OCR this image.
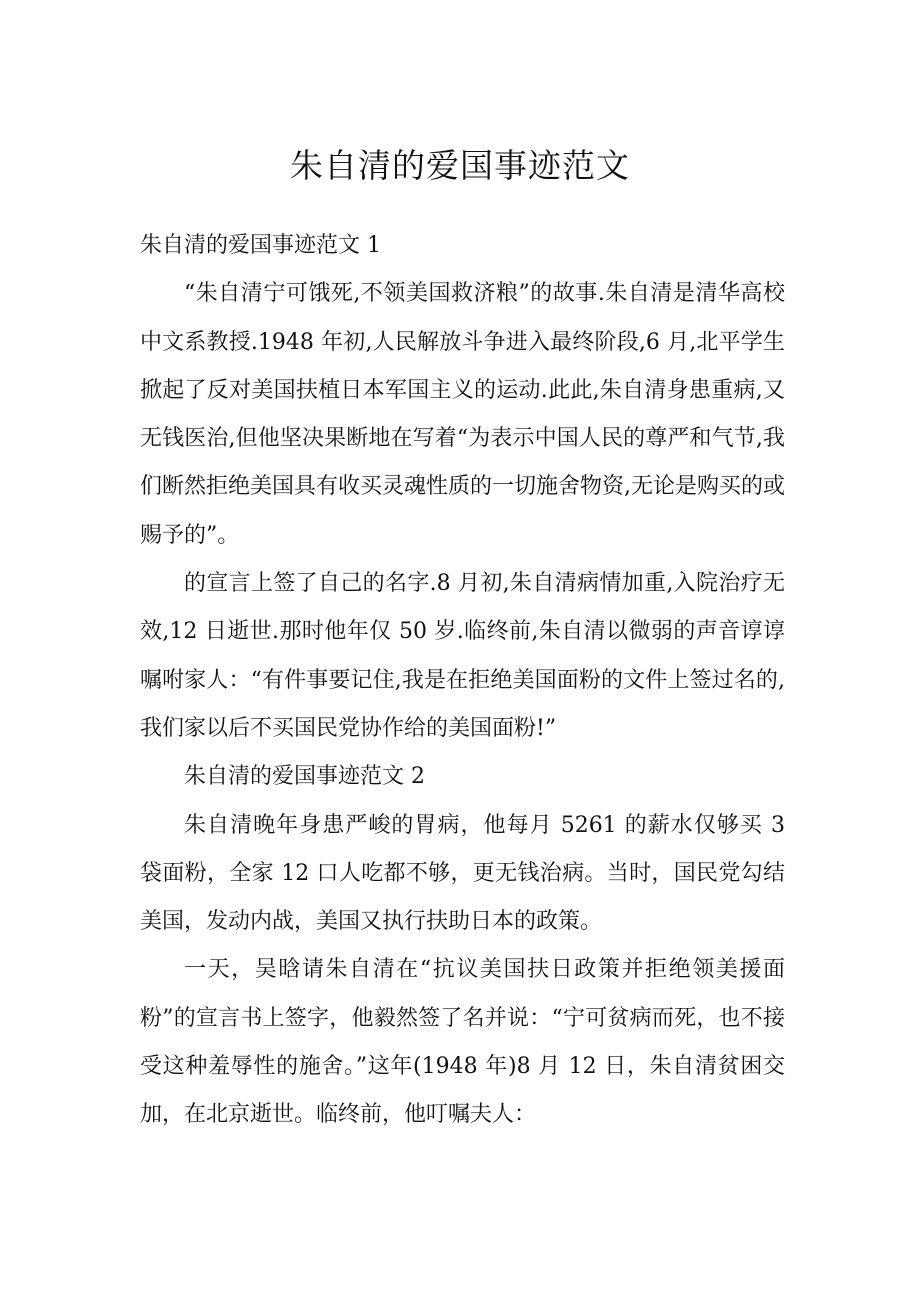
朱自清的爱国事迹范文

朱自清的爱国事迹范文 1

“朱自清宁可饿死,不领美国救济粮”的故事.朱自清是清华高校中文系教授.1948 年初,人民解放斗争进入最终阶段,6 月,北平学生掀起了反对美国扶植日本军国主义的运动.此此,朱自清身患重病,又无钱医治,但他坚决果断地在写着“为表示中国人民的尊严和气节,我们断然拒绝美国具有收买灵魂性质的一切施舍物资,无论是购买的或赐予的”。

的宣言上签了自己的名字.8 月初,朱自清病情加重,入院治疗无效,12 日逝世.那时他年仅 50 岁.临终前,朱自清以微弱的声音谆谆嘱咐家人：“有件事要记住,我是在拒绝美国面粉的文件上签过名的,我们家以后不买国民党协作给的美国面粉!”

朱自清的爱国事迹范文 2

朱自清晚年身患严峻的胃病，他每月 5261 的薪水仅够买 3 袋面粉，全家 12 口人吃都不够，更无钱治病。当时，国民党勾结美国，发动内战，美国又执行扶助日本的政策。

一天，吴晗请朱自清在“抗议美国扶日政策并拒绝领美援面粉”的宣言书上签字，他毅然签了名并说：“宁可贫病而死，也不接受这种羞辱性的施舍。”这年(1948 年)8 月 12 日，朱自清贫困交加，在北京逝世。临终前，他叮嘱夫人：
